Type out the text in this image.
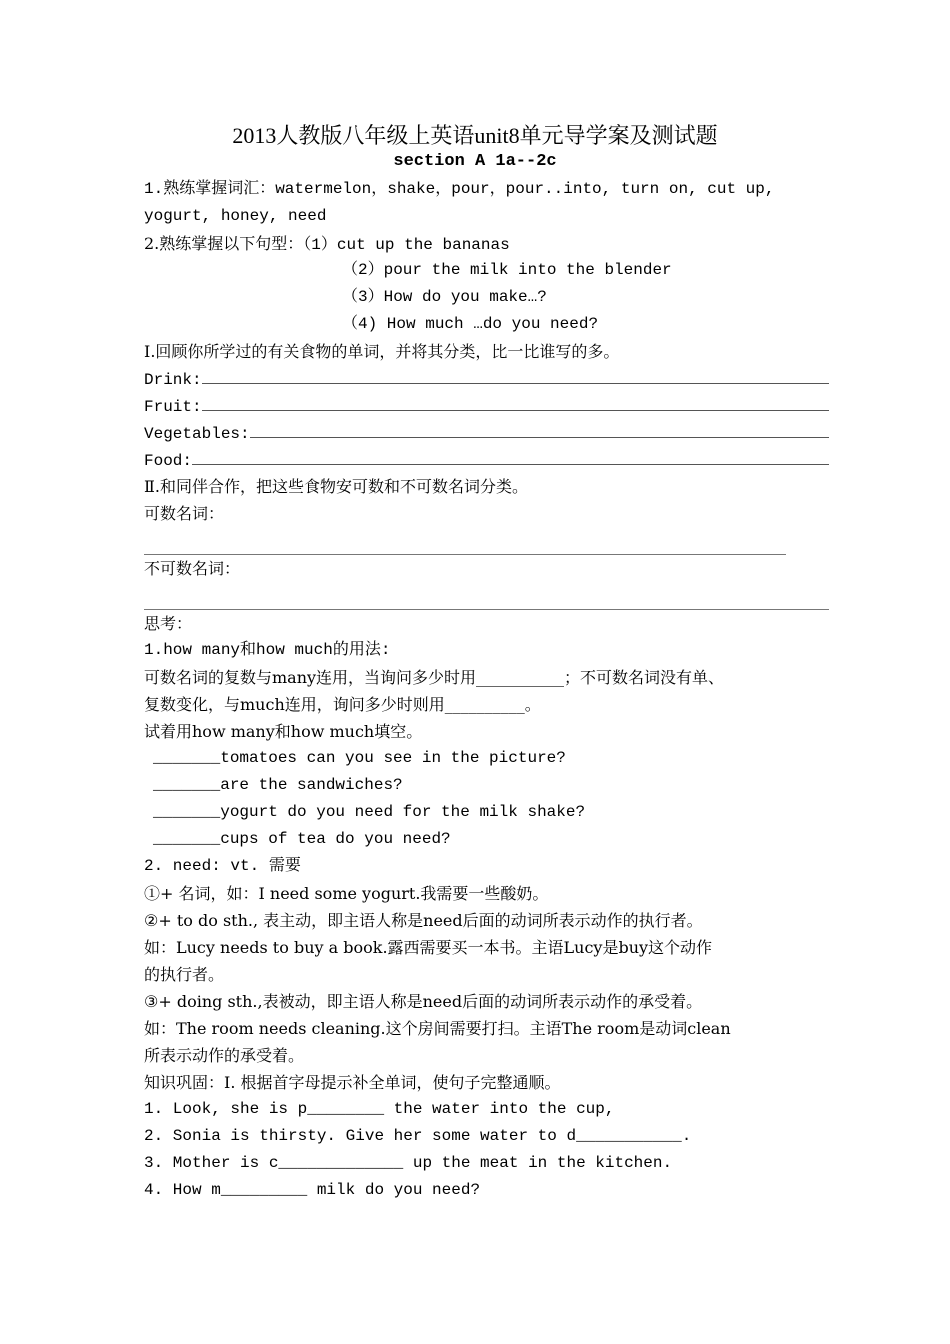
2013人教版八年级上英语unit8单元导学案及测试题
section A 1a--2c
1.熟练掌握词汇：watermelon，shake，pour，pour..into, turn on, cut up,
yogurt, honey, need
2.熟练掌握以下句型：（1）cut up the bananas
（2）pour the milk into the blender
（3）How do you make…?
（4) How much …do you need?
Ⅰ.回顾你所学过的有关食物的单词，并将其分类，比一比谁写的多。
Drink:
Fruit:
Vegetables:
Food:
Ⅱ.和同伴合作，把这些食物安可数和不可数名词分类。
可数名词：
不可数名词：
思考：
1.how many和how much的用法:
可数名词的复数与many连用，当询问多少时用___________；不可数名词没有单、
复数变化，与much连用，询问多少时则用__________。
试着用how many和how much填空。
_______tomatoes can you see in the picture?
_______are the sandwiches?
_______yogurt do you need for the milk shake?
_______cups of tea do you need?
2. need: vt. 需要
①+ 名词，如：I need some yogurt.我需要一些酸奶。
②+ to do sth., 表主动，即主语人称是need后面的动词所表示动作的执行者。
如：Lucy needs to buy a book.露西需要买一本书。主语Lucy是buy这个动作
的执行者。
③+ doing sth.,表被动，即主语人称是need后面的动词所表示动作的承受着。
如：The room needs cleaning.这个房间需要打扫。主语The room是动词clean
所表示动作的承受着。
知识巩固：I. 根据首字母提示补全单词，使句子完整通顺。
1. Look, she is p________ the water into the cup,
2. Sonia is thirsty. Give her some water to d___________.
3. Mother is c_____________ up the meat in the kitchen.
4. How m_________ milk do you need?
